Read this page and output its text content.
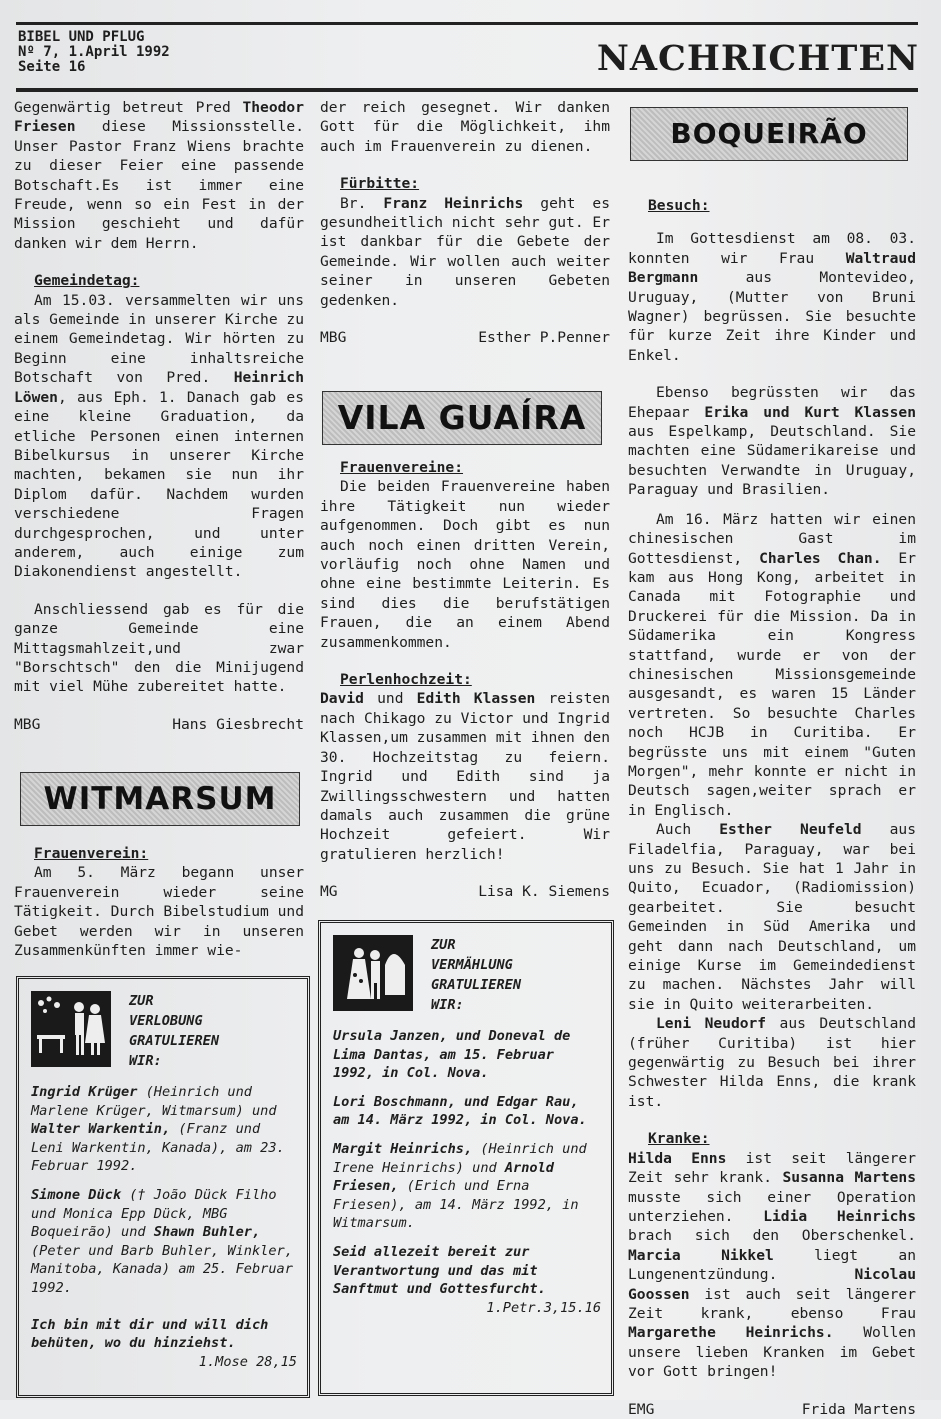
BIBEL UND PFLUG
Nº 7, 1.April 1992
Seite 16	NACHRICHTEN

Gegenwärtig betreut Pred Theodor Friesen diese Missionsstelle. Unser Pastor Franz Wiens brachte zu dieser Feier eine passende Botschaft.Es ist immer eine Freude, wenn so ein Fest in der Mission geschieht und dafür danken wir dem Herrn.

Gemeindetag:

Am 15.03. versammelten wir uns als Gemeinde in unserer Kirche zu einem Gemeindetag. Wir hörten zu Beginn eine inhaltsreiche Botschaft von Pred. Heinrich Löwen, aus Eph. 1. Danach gab es eine kleine Graduation, da etliche Personen einen internen Bibelkursus in unserer Kirche machten, bekamen sie nun ihr Diplom dafür. Nachdem wurden verschiedene Fragen durchgesprochen, und unter anderem, auch einige zum Diakonendienst angestellt.

Anschliessend gab es für die ganze Gemeinde eine Mittagsmahlzeit,und zwar "Borschtsch" den die Minijugend mit viel Mühe zubereitet hatte.

MBG	Hans Giesbrecht
WITMARSUM

Frauenverein:

Am 5. März begann unser Frauenverein wieder seine Tätigkeit. Durch Bibelstudium und Gebet werden wir in unseren Zusammenkünften immer wie-

ZUR
VERLOBUNG
GRATULIEREN
WIR:

Ingrid Krüger (Heinrich und Marlene Krüger, Witmarsum) und Walter Warkentin, (Franz und Leni Warkentin, Kanada), am 23. Februar 1992.

Simone Dück († João Dück Filho und Monica Epp Dück, MBG Boqueirão) und Shawn Buhler, (Peter und Barb Buhler, Winkler, Manitoba, Kanada) am 25. Februar 1992.

Ich bin mit dir und will dich behüten, wo du hinziehst.

1.Mose 28,15

der reich gesegnet. Wir danken Gott für die Möglichkeit, ihm auch im Frauenverein zu dienen.

Fürbitte:

Br. Franz Heinrichs geht es gesundheitlich nicht sehr gut. Er ist dankbar für die Gebete der Gemeinde. Wir wollen auch weiter seiner in unseren Gebeten gedenken.

MBG	Esther P.Penner
VILA GUAÍRA

Frauenvereine:

Die beiden Frauenvereine haben ihre Tätigkeit nun wieder aufgenommen. Doch gibt es nun auch noch einen dritten Verein, vorläufig noch ohne Namen und ohne eine bestimmte Leiterin. Es sind dies die berufstätigen Frauen, die an einem Abend zusammenkommen.

Perlenhochzeit:

David und Edith Klassen reisten nach Chikago zu Victor und Ingrid Klassen,um zusammen mit ihnen den 30. Hochzeitstag zu feiern. Ingrid und Edith sind ja Zwillingsschwestern und hatten damals auch zusammen die grüne Hochzeit gefeiert. Wir gratulieren herzlich!

MG	Lisa K. Siemens
ZUR
VERMÄHLUNG
GRATULIEREN
WIR:

Ursula Janzen, und Doneval de Lima Dantas, am 15. Februar 1992, in Col. Nova.

Lori Boschmann, und Edgar Rau, am 14. März 1992, in Col. Nova.

Margit Heinrichs, (Heinrich und Irene Heinrichs) und Arnold Friesen, (Erich und Erna Friesen), am 14. März 1992, in Witmarsum.

Seid allezeit bereit zur Verantwortung und das mit Sanftmut und Gottesfurcht.

1.Petr.3,15.16

BOQUEIRÃO

Besuch:

Im Gottesdienst am 08. 03. konnten wir Frau Waltraud Bergmann aus Montevideo, Uruguay, (Mutter von Bruni Wagner) begrüssen. Sie besuchte für kurze Zeit ihre Kinder und Enkel.

Ebenso begrüssten wir das Ehepaar Erika und Kurt Klassen aus Espelkamp, Deutschland. Sie machten eine Südamerikareise und besuchten Verwandte in Uruguay, Paraguay und Brasilien.

Am 16. März hatten wir einen chinesischen Gast im Gottesdienst, Charles Chan. Er kam aus Hong Kong, arbeitet in Canada mit Fotographie und Druckerei für die Mission. Da in Südamerika ein Kongress stattfand, wurde er von der chinesischen Missionsgemeinde ausgesandt, es waren 15 Länder vertreten. So besuchte Charles noch HCJB in Curitiba. Er begrüsste uns mit einem "Guten Morgen", mehr konnte er nicht in Deutsch sagen,weiter sprach er in Englisch.

Auch Esther Neufeld aus Filadelfia, Paraguay, war bei uns zu Besuch. Sie hat 1 Jahr in Quito, Ecuador, (Radiomission) gearbeitet. Sie besucht Gemeinden in Süd Amerika und geht dann nach Deutschland, um einige Kurse im Gemeindedienst zu machen. Nächstes Jahr will sie in Quito weiterarbeiten.

Leni Neudorf aus Deutschland (früher Curitiba) ist hier gegenwärtig zu Besuch bei ihrer Schwester Hilda Enns, die krank ist.

Kranke:

Hilda Enns ist seit längerer Zeit sehr krank. Susanna Martens musste sich einer Operation unterziehen. Lidia Heinrichs brach sich den Oberschenkel. Marcia Nikkel liegt an Lungenentzündung. Nicolau Goossen ist auch seit längerer Zeit krank, ebenso Frau Margarethe Heinrichs. Wollen unsere lieben Kranken im Gebet vor Gott bringen!

EMG	Frida Martens
